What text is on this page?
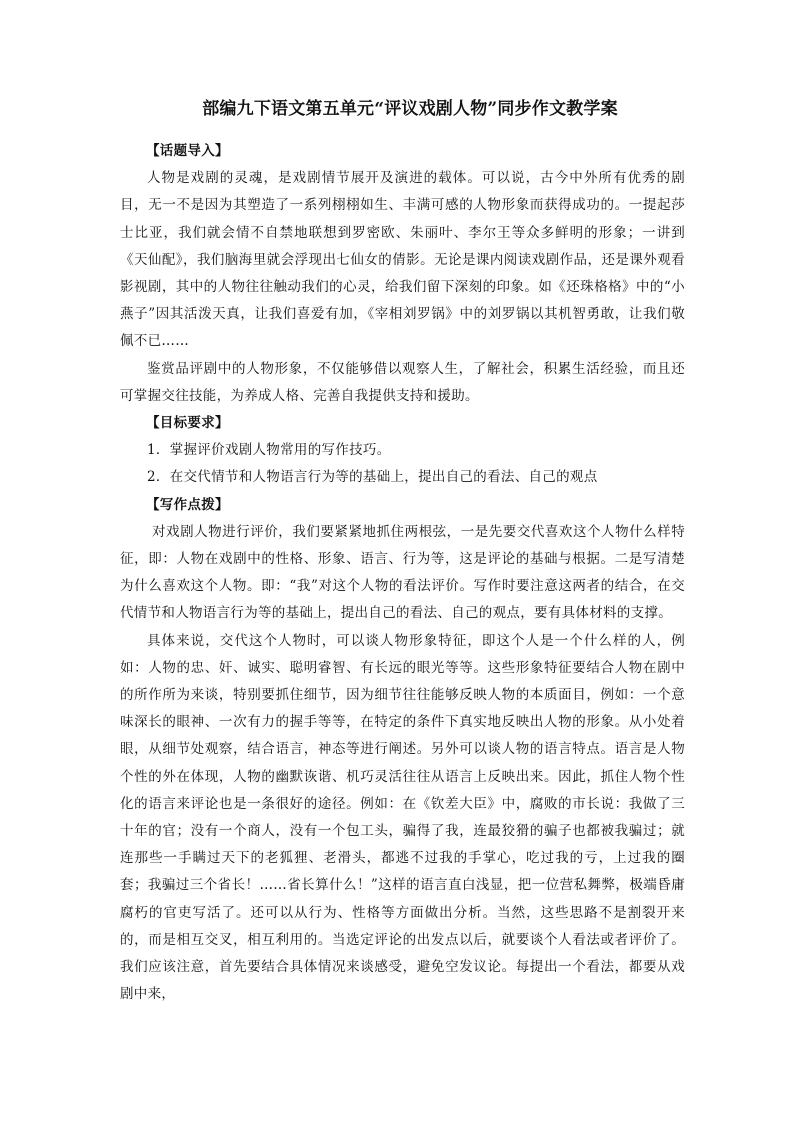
部编九下语文第五单元“评议戏剧人物”同步作文教学案

【话题导入】

人物是戏剧的灵魂，是戏剧情节展开及演进的载体。可以说，古今中外所有优秀的剧目，无一不是因为其塑造了一系列栩栩如生、丰满可感的人物形象而获得成功的。一提起莎士比亚，我们就会情不自禁地联想到罗密欧、朱丽叶、李尔王等众多鲜明的形象；一讲到《天仙配》，我们脑海里就会浮现出七仙女的倩影。无论是课内阅读戏剧作品，还是课外观看影视剧，其中的人物往往触动我们的心灵，给我们留下深刻的印象。如《还珠格格》中的“小燕子”因其活泼天真，让我们喜爱有加，《宰相刘罗锅》中的刘罗锅以其机智勇敢，让我们敬佩不已……

鉴赏品评剧中的人物形象，不仅能够借以观察人生，了解社会，积累生活经验，而且还可掌握交往技能，为养成人格、完善自我提供支持和援助。

【目标要求】

1．掌握评价戏剧人物常用的写作技巧。

2．在交代情节和人物语言行为等的基础上，提出自己的看法、自己的观点

【写作点拨】

对戏剧人物进行评价，我们要紧紧地抓住两根弦，一是先要交代喜欢这个人物什么样特征，即：人物在戏剧中的性格、形象、语言、行为等，这是评论的基础与根据。二是写清楚为什么喜欢这个人物。即：“我”对这个人物的看法评价。写作时要注意这两者的结合，在交代情节和人物语言行为等的基础上，提出自己的看法、自己的观点，要有具体材料的支撑。

具体来说，交代这个人物时，可以谈人物形象特征，即这个人是一个什么样的人，例如：人物的忠、奸、诚实、聪明睿智、有长远的眼光等等。这些形象特征要结合人物在剧中的所作所为来谈，特别要抓住细节，因为细节往往能够反映人物的本质面目，例如：一个意味深长的眼神、一次有力的握手等等，在特定的条件下真实地反映出人物的形象。从小处着眼，从细节处观察，结合语言，神态等进行阐述。另外可以谈人物的语言特点。语言是人物个性的外在体现，人物的幽默诙谐、机巧灵活往往从语言上反映出来。因此，抓住人物个性化的语言来评论也是一条很好的途径。例如：在《钦差大臣》中，腐败的市长说：我做了三十年的官；没有一个商人，没有一个包工头，骗得了我，连最狡猾的骗子也都被我骗过；就连那些一手瞒过天下的老狐狸、老滑头，都逃不过我的手掌心，吃过我的亏，上过我的圈套；我骗过三个省长！……省长算什么！”这样的语言直白浅显，把一位营私舞弊，极端昏庸腐朽的官吏写活了。还可以从行为、性格等方面做出分析。当然，这些思路不是割裂开来的，而是相互交叉，相互利用的。当选定评论的出发点以后，就要谈个人看法或者评价了。我们应该注意，首先要结合具体情况来谈感受，避免空发议论。每提出一个看法，都要从戏剧中来，
